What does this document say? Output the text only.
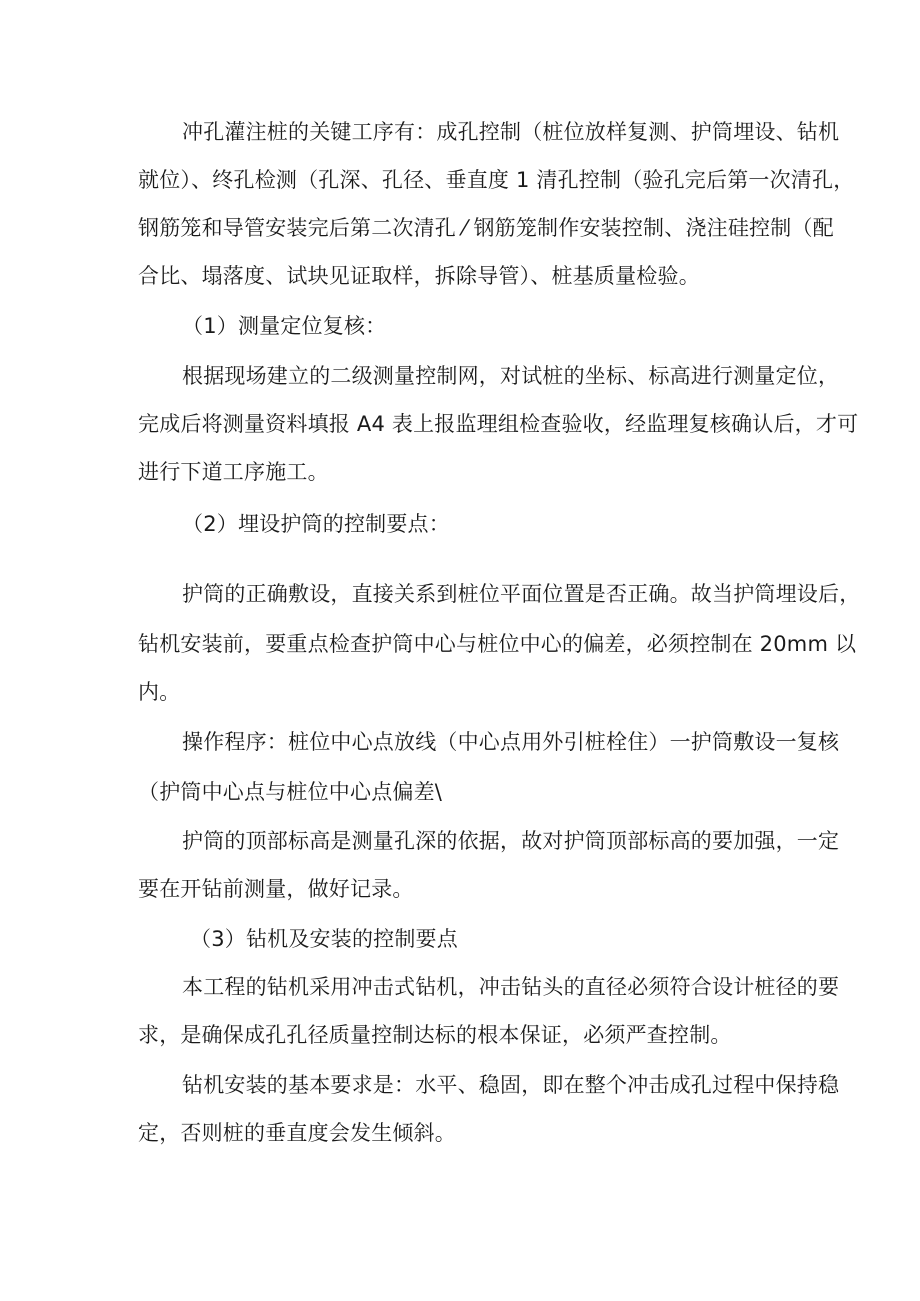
冲孔灌注桩的关键工序有：成孔控制（桩位放样复测、护筒埋设、钻机
就位）、终孔检测（孔深、孔径、垂直度 1 清孔控制（验孔完后第一次清孔，
钢筋笼和导管安装完后第二次清孔 ⁄ 钢筋笼制作安装控制、浇注硅控制（配
合比、塌落度、试块见证取样，拆除导管）、桩基质量检验。
（1）测量定位复核：
根据现场建立的二级测量控制网，对试桩的坐标、标高进行测量定位，
完成后将测量资料填报 A4 表上报监理组检查验收，经监理复核确认后，才可
进行下道工序施工。
（2）埋设护筒的控制要点：
护筒的正确敷设，直接关系到桩位平面位置是否正确。故当护筒埋设后，
钻机安装前，要重点检查护筒中心与桩位中心的偏差，必须控制在 20mm 以
内。
操作程序：桩位中心点放线（中心点用外引桩栓住）一护筒敷设一复核
（护筒中心点与桩位中心点偏差\
护筒的顶部标高是测量孔深的依据，故对护筒顶部标高的要加强，一定
要在开钻前测量，做好记录。
（3）钻机及安装的控制要点
本工程的钻机采用冲击式钻机，冲击钻头的直径必须符合设计桩径的要
求，是确保成孔孔径质量控制达标的根本保证，必须严查控制。
钻机安装的基本要求是：水平、稳固，即在整个冲击成孔过程中保持稳
定，否则桩的垂直度会发生倾斜。
